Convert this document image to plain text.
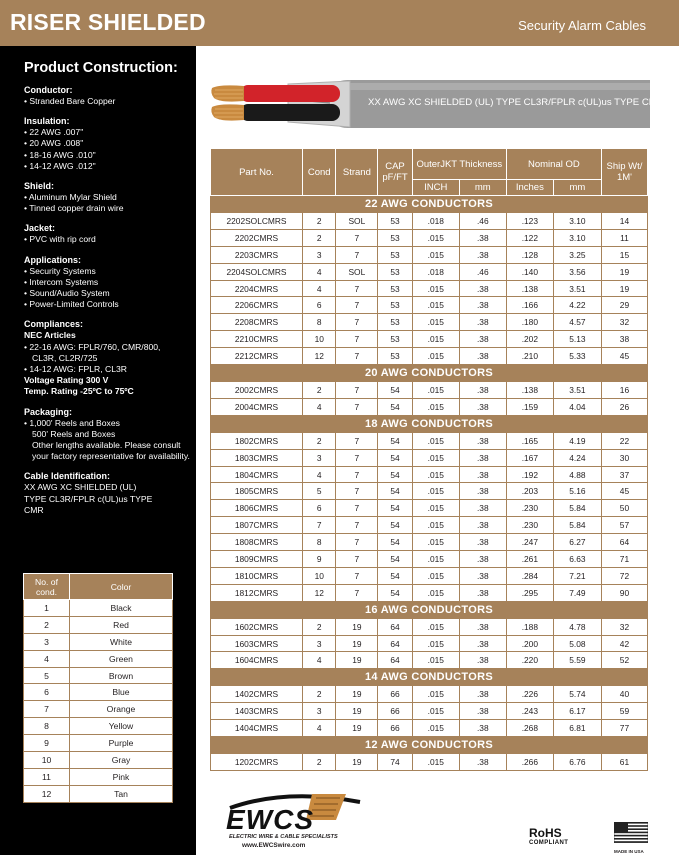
RISER SHIELDED	Security Alarm Cables
Product Construction:
Conductor:
• Stranded Bare Copper
Insulation:
• 22 AWG .007"
• 20 AWG .008"
• 18-16 AWG .010"
• 14-12 AWG .012"
Shield:
• Aluminum Mylar Shield
• Tinned copper drain wire
Jacket:
• PVC with rip cord
Applications:
• Security Systems
• Intercom Systems
• Sound/Audio System
• Power-Limited Controls
Compliances:
NEC Articles
• 22-16 AWG: FPLR/760, CMR/800,
CL3R, CL2R/725
• 14-12 AWG: FPLR, CL3R
Voltage Rating 300 V
Temp. Rating -25ºC to 75ºC
Packaging:
• 1,000' Reels and Boxes
500' Reels and Boxes
Other lengths available. Please consult
your factory representative for availability.
Cable Identification:
XX AWG XC SHIELDED (UL)
TYPE CL3R/FPLR c(UL)us TYPE
CMR
No. of cond.	Color
1	Black
2	Red
3	White
4	Green
5	Brown
6	Blue
7	Orange
8	Yellow
9	Purple
10	Gray
11	Pink
12	Tan
XX AWG XC SHIELDED (UL) TYPE CL3R/FPLR c(UL)us TYPE CMR
Part No.	Cond	Strand	CAP pF/FT	OuterJKT Thickness		Nominal OD		Ship Wt/ 1M'
				INCH	mm	Inches	mm	
22 AWG CONDUCTORS								
2202SOLCMRS	2	SOL	53	.018	.46	.123	3.10	14
2202CMRS	2	7	53	.015	.38	.122	3.10	11
2203CMRS	3	7	53	.015	.38	.128	3.25	15
2204SOLCMRS	4	SOL	53	.018	.46	.140	3.56	19
2204CMRS	4	7	53	.015	.38	.138	3.51	19
2206CMRS	6	7	53	.015	.38	.166	4.22	29
2208CMRS	8	7	53	.015	.38	.180	4.57	32
2210CMRS	10	7	53	.015	.38	.202	5.13	38
2212CMRS	12	7	53	.015	.38	.210	5.33	45
20 AWG CONDUCTORS								
2002CMRS	2	7	54	.015	.38	.138	3.51	16
2004CMRS	4	7	54	.015	.38	.159	4.04	26
18 AWG CONDUCTORS								
1802CMRS	2	7	54	.015	.38	.165	4.19	22
1803CMRS	3	7	54	.015	.38	.167	4.24	30
1804CMRS	4	7	54	.015	.38	.192	4.88	37
1805CMRS	5	7	54	.015	.38	.203	5.16	45
1806CMRS	6	7	54	.015	.38	.230	5.84	50
1807CMRS	7	7	54	.015	.38	.230	5.84	57
1808CMRS	8	7	54	.015	.38	.247	6.27	64
1809CMRS	9	7	54	.015	.38	.261	6.63	71
1810CMRS	10	7	54	.015	.38	.284	7.21	72
1812CMRS	12	7	54	.015	.38	.295	7.49	90
16 AWG CONDUCTORS								
1602CMRS	2	19	64	.015	.38	.188	4.78	32
1603CMRS	3	19	64	.015	.38	.200	5.08	42
1604CMRS	4	19	64	.015	.38	.220	5.59	52
14 AWG CONDUCTORS								
1402CMRS	2	19	66	.015	.38	.226	5.74	40
1403CMRS	3	19	66	.015	.38	.243	6.17	59
1404CMRS	4	19	66	.015	.38	.268	6.81	77
12 AWG CONDUCTORS								
1202CMRS	2	19	74	.015	.38	.266	6.76	61
EWCS
ELECTRIC WIRE & CABLE SPECIALISTS
www.EWCSwire.com
RoHS
COMPLIANT
MADE IN USA
